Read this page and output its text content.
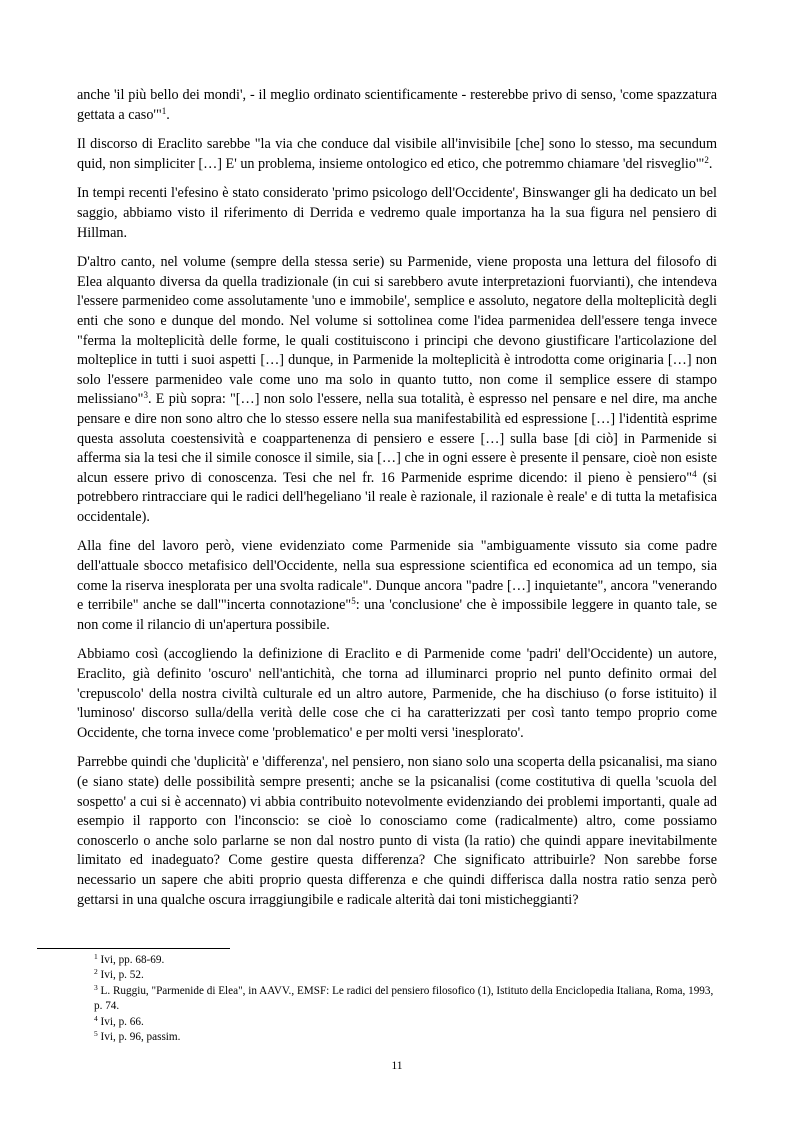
anche 'il più bello dei mondi', - il meglio ordinato scientificamente - resterebbe privo di senso, 'come spazzatura gettata a caso'"$^1$.

Il discorso di Eraclito sarebbe "la via che conduce dal visibile all'invisibile [che] sono lo stesso, ma secundum quid, non simpliciter […] E' un problema, insieme ontologico ed etico, che potremmo chiamare 'del risveglio'"$^2$.

In tempi recenti l'efesino è stato considerato 'primo psicologo dell'Occidente', Binswanger gli ha dedicato un bel saggio, abbiamo visto il riferimento di Derrida e vedremo quale importanza ha la sua figura nel pensiero di Hillman.

D'altro canto, nel volume (sempre della stessa serie) su Parmenide, viene proposta una lettura del filosofo di Elea alquanto diversa da quella tradizionale (in cui si sarebbero avute interpretazioni fuorvianti), che intendeva l'essere parmenideo come assolutamente 'uno e immobile', semplice e assoluto, negatore della molteplicità degli enti che sono e dunque del mondo. Nel volume si sottolinea come l'idea parmenidea dell'essere tenga invece "ferma la molteplicità delle forme, le quali costituiscono i principi che devono giustificare l'articolazione del molteplice in tutti i suoi aspetti […] dunque, in Parmenide la molteplicità è introdotta come originaria […] non solo l'essere parmenideo vale come uno ma solo in quanto tutto, non come il semplice essere di stampo melissiano"$^3$. E più sopra: "[…] non solo l'essere, nella sua totalità, è espresso nel pensare e nel dire, ma anche pensare e dire non sono altro che lo stesso essere nella sua manifestabilità ed espressione […] l'identità esprime questa assoluta coestensività e coappartenenza di pensiero e essere […] sulla base [di ciò] in Parmenide si afferma sia la tesi che il simile conosce il simile, sia […] che in ogni essere è presente il pensare, cioè non esiste alcun essere privo di conoscenza. Tesi che nel fr. 16 Parmenide esprime dicendo: il pieno è pensiero"$^4$ (si potrebbero rintracciare qui le radici dell'hegeliano 'il reale è razionale, il razionale è reale' e di tutta la metafisica occidentale).

Alla fine del lavoro però, viene evidenziato come Parmenide sia "ambiguamente vissuto sia come padre dell'attuale sbocco metafisico dell'Occidente, nella sua espressione scientifica ed economica ad un tempo, sia come la riserva inesplorata per una svolta radicale". Dunque ancora "padre […] inquietante", ancora "venerando e terribile" anche se dall'"incerta connotazione"$^5$: una 'conclusione' che è impossibile leggere in quanto tale, se non come il rilancio di un'apertura possibile.

Abbiamo così (accogliendo la definizione di Eraclito e di Parmenide come 'padri' dell'Occidente) un autore, Eraclito, già definito 'oscuro' nell'antichità, che torna ad illuminarci proprio nel punto definito ormai del 'crepuscolo' della nostra civiltà culturale ed un altro autore, Parmenide, che ha dischiuso (o forse istituito) il 'luminoso' discorso sulla/della verità delle cose che ci ha caratterizzati per così tanto tempo proprio come Occidente, che torna invece come 'problematico' e per molti versi 'inesplorato'.

Parrebbe quindi che 'duplicità' e 'differenza', nel pensiero, non siano solo una scoperta della psicanalisi, ma siano (e siano state) delle possibilità sempre presenti; anche se la psicanalisi (come costitutiva di quella 'scuola del sospetto' a cui si è accennato) vi abbia contribuito notevolmente evidenziando dei problemi importanti, quale ad esempio il rapporto con l'inconscio: se cioè lo conosciamo come (radicalmente) altro, come possiamo conoscerlo o anche solo parlarne se non dal nostro punto di vista (la ratio) che quindi appare inevitabilmente limitato ed inadeguato? Come gestire questa differenza? Che significato attribuirle? Non sarebbe forse necessario un sapere che abiti proprio questa differenza e che quindi differisca dalla nostra ratio senza però gettarsi in una qualche oscura irraggiungibile e radicale alterità dai toni misticheggianti?

$^1$ Ivi, pp. 68-69.

$^2$ Ivi, p. 52.

$^3$ L. Ruggiu, "Parmenide di Elea", in AAVV., EMSF: Le radici del pensiero filosofico (1), Istituto della Enciclopedia Italiana, Roma, 1993, p. 74.

$^4$ Ivi, p. 66.

$^5$ Ivi, p. 96, passim.

11
